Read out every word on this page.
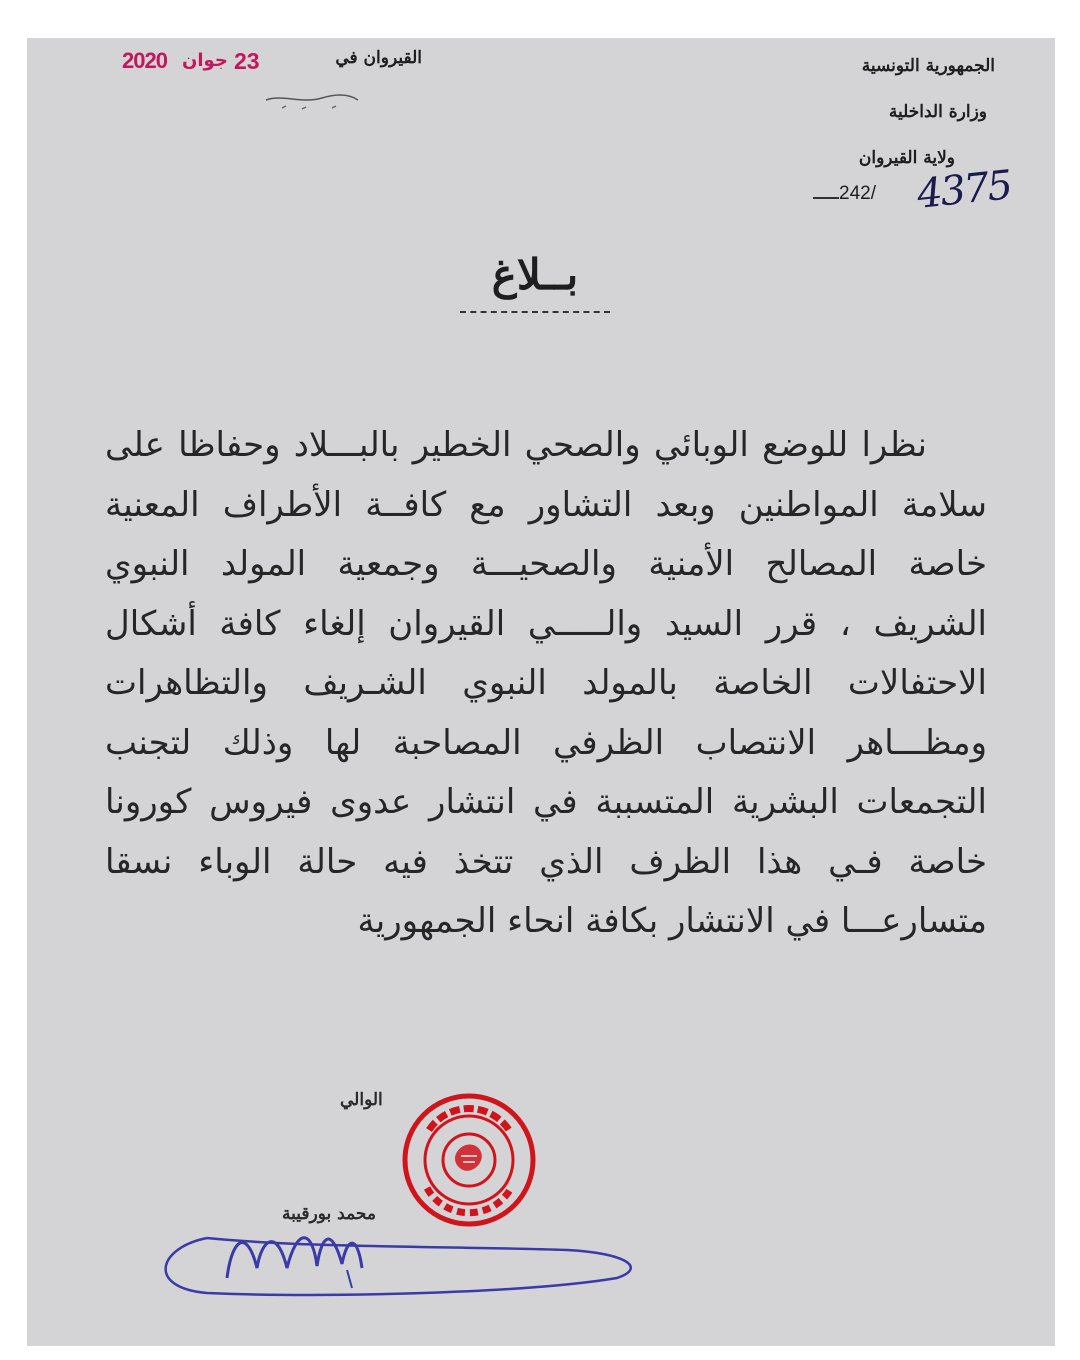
الجمهورية التونسية
وزارة الداخلية
ولاية القيروان
242/ 4375
القيروان في
23
جوان
2020
بــلاغ
نظرا للوضع الوبائي والصحي الخطير بالبـــلاد وحفاظا على سلامة المواطنين وبعد التشاور مع كافــة الأطراف المعنية خاصة المصالح الأمنية والصحيـــة وجمعية المولد النبوي الشريف ، قرر السيد والـــــي القيروان إلغاء كافة أشكال الاحتفالات الخاصة بالمولد النبوي الشـريف والتظاهرات ومظـــاهر الانتصاب الظرفي المصاحبة لها وذلك لتجنب التجمعات البشرية المتسببة في انتشار عدوى فيروس كورونا خاصة فـي هذا الظرف الذي تتخذ فيه حالة الوباء نسقا متسارعـــا في الانتشار بكافة انحاء الجمهورية
الوالي
محمد بورقيبة
